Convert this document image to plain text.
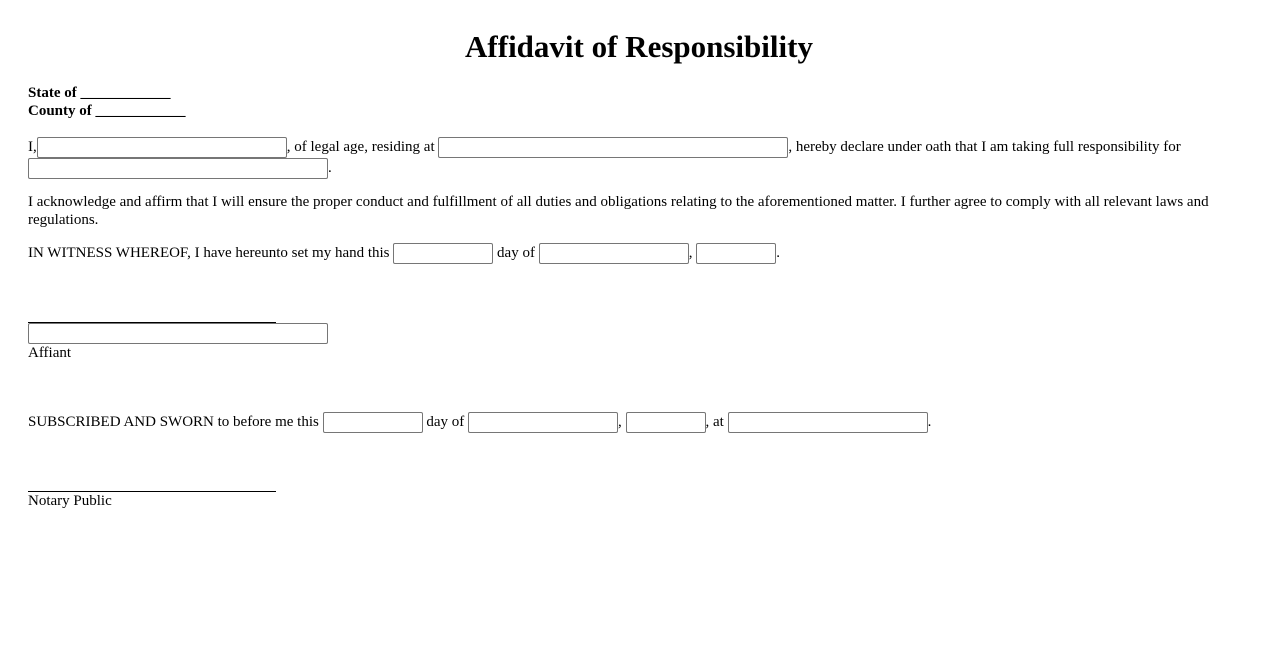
Affidavit of Responsibility
State of ____________
County of ____________
I,	, of legal age, residing at	, hereby declare under oath that I am taking full responsibility for .
I acknowledge and affirm that I will ensure the proper conduct and fulfillment of all duties and obligations relating to the aforementioned matter. I further agree to comply with all relevant laws and regulations.
IN WITNESS WHEREOF, I have hereunto set my hand this	day of	,	.
Affiant
SUBSCRIBED AND SWORN to before me this	day of	,	, at	.
Notary Public
